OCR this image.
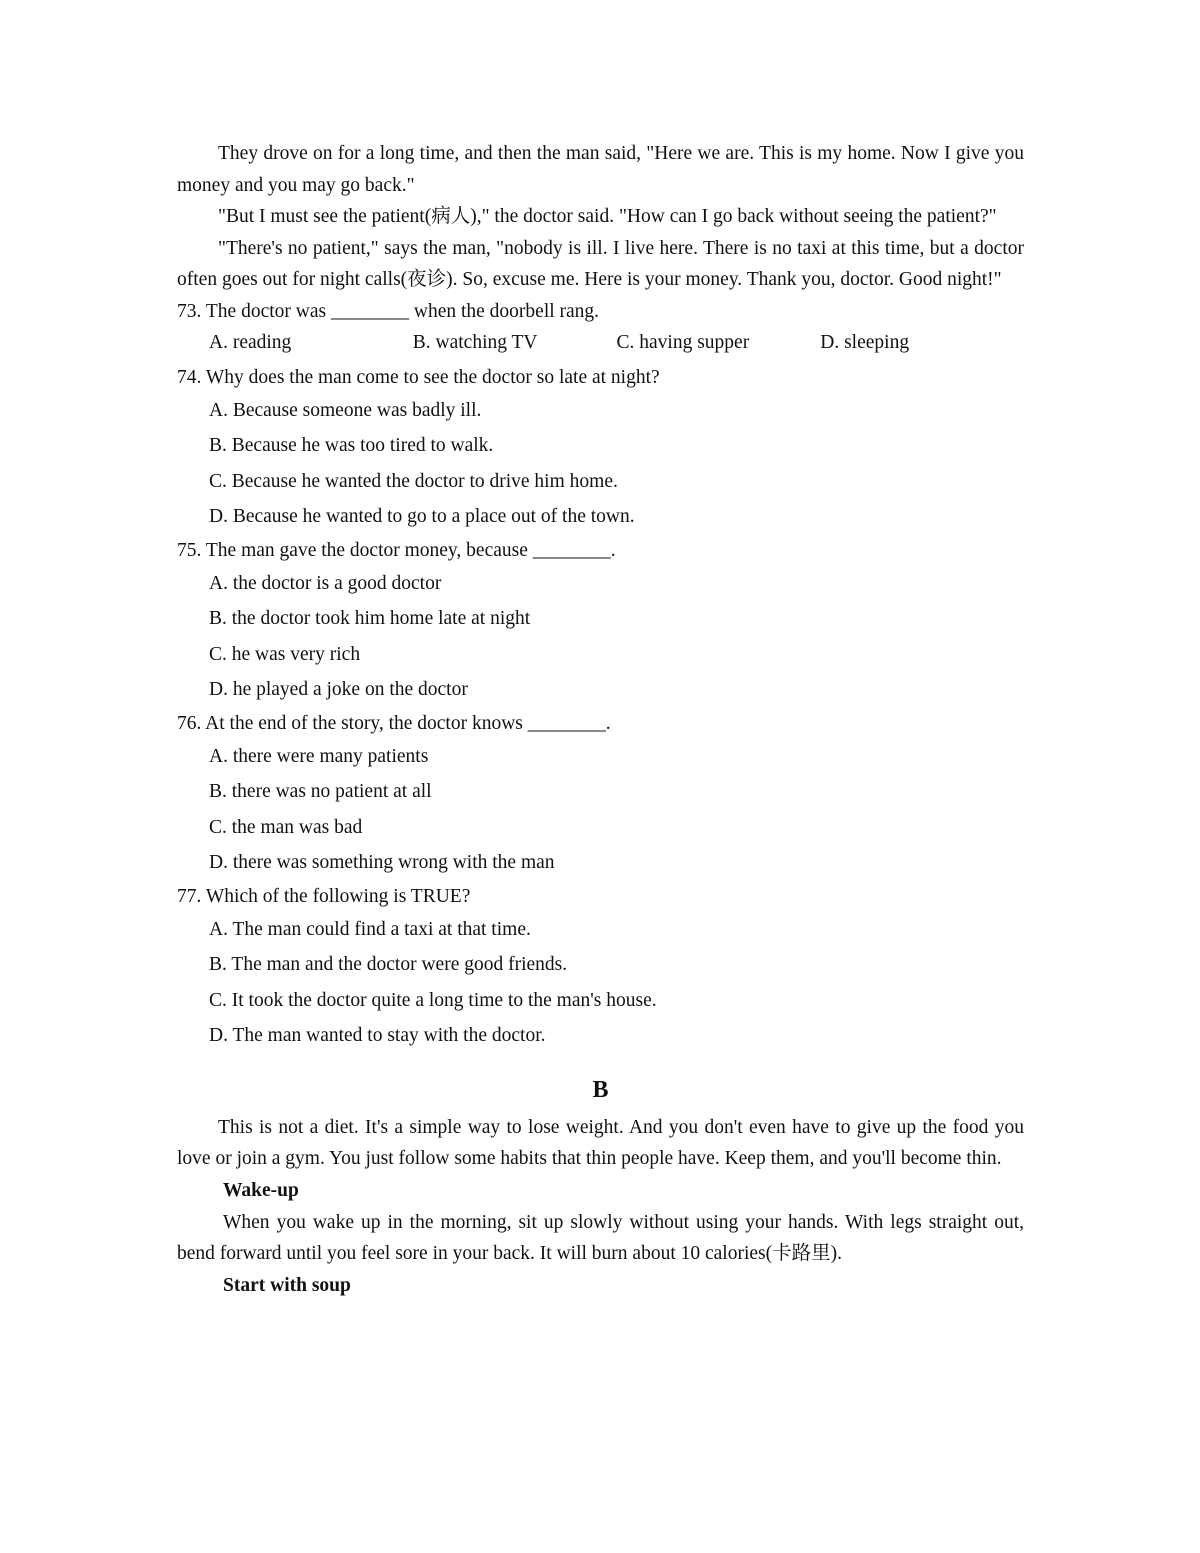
They drove on for a long time, and then the man said, "Here we are. This is my home. Now I give you money and you may go back."

"But I must see the patient(病人)," the doctor said. "How can I go back without seeing the patient?"

"There's no patient," says the man, "nobody is ill. I live here. There is no taxi at this time, but a doctor often goes out for night calls(夜诊). So, excuse me. Here is your money. Thank you, doctor. Good night!"

73. The doctor was ________ when the doorbell rang.

A. reading	B. watching TV	C. having supper	D. sleeping

74. Why does the man come to see the doctor so late at night?

A. Because someone was badly ill.
B. Because he was too tired to walk.
C. Because he wanted the doctor to drive him home.
D. Because he wanted to go to a place out of the town.

75. The man gave the doctor money, because ________.

A. the doctor is a good doctor
B. the doctor took him home late at night
C. he was very rich
D. he played a joke on the doctor

76. At the end of the story, the doctor knows ________.

A. there were many patients
B. there was no patient at all
C. the man was bad
D. there was something wrong with the man

77. Which of the following is TRUE?

A. The man could find a taxi at that time.
B. The man and the doctor were good friends.
C. It took the doctor quite a long time to the man's house.
D. The man wanted to stay with the doctor.
B

This is not a diet. It's a simple way to lose weight. And you don't even have to give up the food you love or join a gym. You just follow some habits that thin people have. Keep them, and you'll become thin.

Wake-up

When you wake up in the morning, sit up slowly without using your hands. With legs straight out, bend forward until you feel sore in your back. It will burn about 10 calories(卡路里).

Start with soup
